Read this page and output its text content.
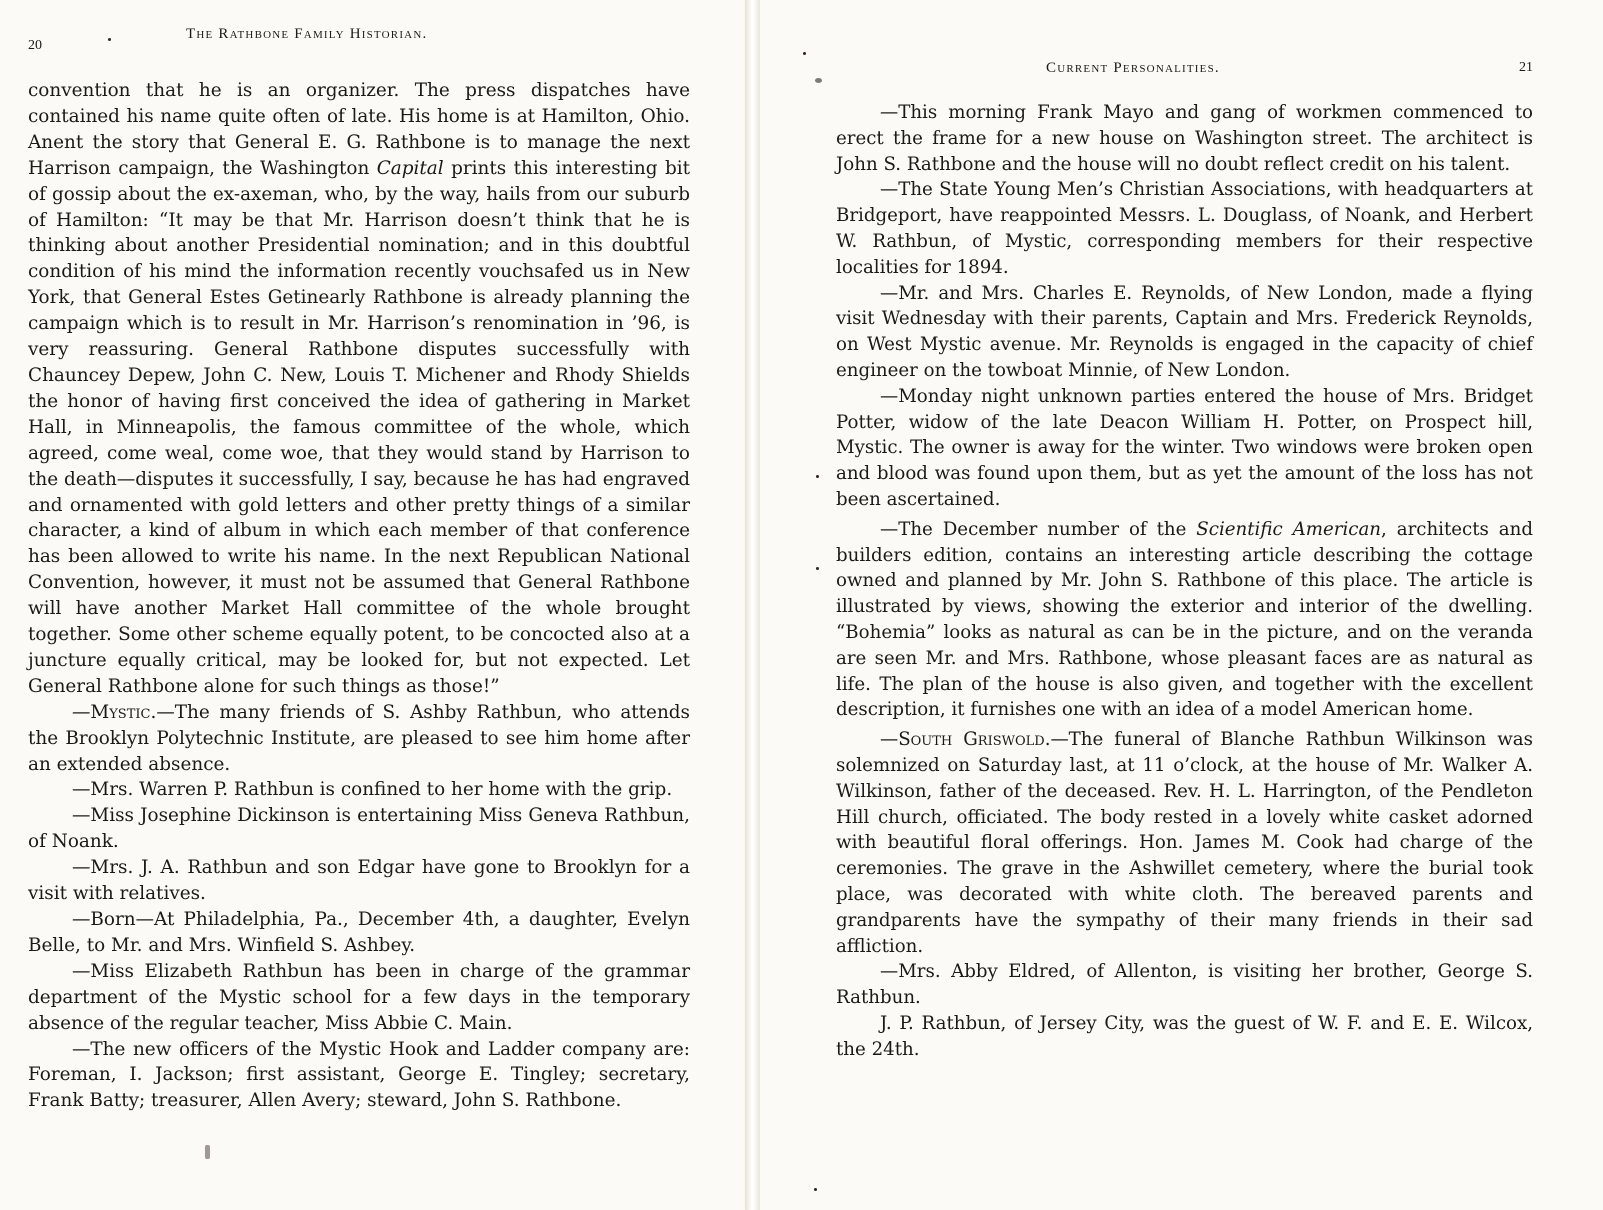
20
The Rathbone Family Historian.

convention that he is an organizer. The press dispatches have contained his name quite often of late. His home is at Hamilton, Ohio. Anent the story that General E. G. Rathbone is to manage the next Harrison campaign, the Washington Capital prints this interesting bit of gossip about the ex-axeman, who, by the way, hails from our suburb of Hamilton: “It may be that Mr. Harrison doesn’t think that he is thinking about another Presidential nomination; and in this doubtful condition of his mind the information recently vouchsafed us in New York, that General Estes Getinearly Rathbone is already planning the campaign which is to result in Mr. Harrison’s renomination in ’96, is very reassuring. General Rathbone disputes successfully with Chauncey Depew, John C. New, Louis T. Michener and Rhody Shields the honor of having first conceived the idea of gathering in Market Hall, in Minneapolis, the famous committee of the whole, which agreed, come weal, come woe, that they would stand by Harrison to the death—disputes it successfully, I say, because he has had engraved and ornamented with gold letters and other pretty things of a similar character, a kind of album in which each member of that conference has been allowed to write his name. In the next Republican National Convention, however, it must not be assumed that General Rathbone will have another Market Hall committee of the whole brought together. Some other scheme equally potent, to be concocted also at a juncture equally critical, may be looked for, but not expected. Let General Rathbone alone for such things as those!”

—Mystic.—The many friends of S. Ashby Rathbun, who attends the Brooklyn Polytechnic Institute, are pleased to see him home after an extended absence.

—Mrs. Warren P. Rathbun is confined to her home with the grip.

—Miss Josephine Dickinson is entertaining Miss Geneva Rathbun, of Noank.

—Mrs. J. A. Rathbun and son Edgar have gone to Brooklyn for a visit with relatives.

—Born—At Philadelphia, Pa., December 4th, a daughter, Evelyn Belle, to Mr. and Mrs. Winfield S. Ashbey.

—Miss Elizabeth Rathbun has been in charge of the grammar department of the Mystic school for a few days in the temporary absence of the regular teacher, Miss Abbie C. Main.

—The new officers of the Mystic Hook and Ladder company are: Foreman, I. Jackson; first assistant, George E. Tingley; secretary, Frank Batty; treasurer, Allen Avery; steward, John S. Rathbone.

Current Personalities.	21

—This morning Frank Mayo and gang of workmen commenced to erect the frame for a new house on Washington street. The architect is John S. Rathbone and the house will no doubt reflect credit on his talent.

—The State Young Men’s Christian Associations, with headquarters at Bridgeport, have reappointed Messrs. L. Douglass, of Noank, and Herbert W. Rathbun, of Mystic, corresponding members for their respective localities for 1894.

—Mr. and Mrs. Charles E. Reynolds, of New London, made a flying visit Wednesday with their parents, Captain and Mrs. Frederick Reynolds, on West Mystic avenue. Mr. Reynolds is engaged in the capacity of chief engineer on the towboat Minnie, of New London.

—Monday night unknown parties entered the house of Mrs. Bridget Potter, widow of the late Deacon William H. Potter, on Prospect hill, Mystic. The owner is away for the winter. Two windows were broken open and blood was found upon them, but as yet the amount of the loss has not been ascertained.

—The December number of the Scientific American, architects and builders edition, contains an interesting article describing the cottage owned and planned by Mr. John S. Rathbone of this place. The article is illustrated by views, showing the exterior and interior of the dwelling. “Bohemia” looks as natural as can be in the picture, and on the veranda are seen Mr. and Mrs. Rathbone, whose pleasant faces are as natural as life. The plan of the house is also given, and together with the excellent description, it furnishes one with an idea of a model American home.

—South Griswold.—The funeral of Blanche Rathbun Wilkinson was solemnized on Saturday last, at 11 o’clock, at the house of Mr. Walker A. Wilkinson, father of the deceased. Rev. H. L. Harrington, of the Pendleton Hill church, officiated. The body rested in a lovely white casket adorned with beautiful floral offerings. Hon. James M. Cook had charge of the ceremonies. The grave in the Ashwillet cemetery, where the burial took place, was decorated with white cloth. The bereaved parents and grandparents have the sympathy of their many friends in their sad affliction.

—Mrs. Abby Eldred, of Allenton, is visiting her brother, George S. Rathbun.

J. P. Rathbun, of Jersey City, was the guest of W. F. and E. E. Wilcox, the 24th.
